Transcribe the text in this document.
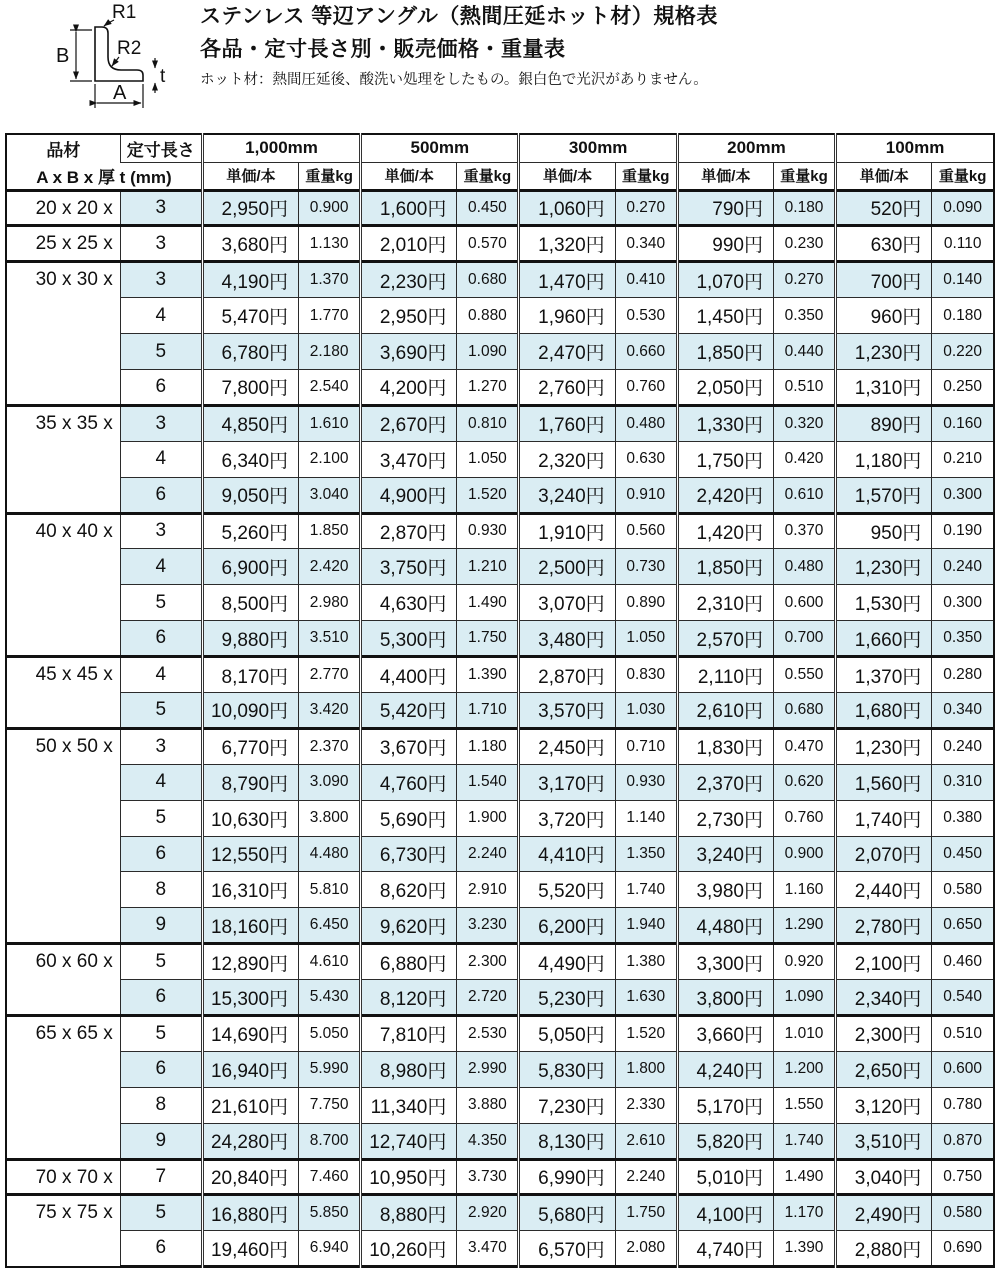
B
A
t
R1
R2
ステンレス 等辺アングル（熱間圧延ホット材）規格表
各品・定寸長さ別・販売価格・重量表
ホット材：熱間圧延後、酸洗い処理をしたもの。銀白色で光沢がありません。
品材	定寸長さ	1,000mm		500mm		300mm		200mm		100mm	
A x B x 厚 t (mm)		単価/本	重量kg	単価/本	重量kg	単価/本	重量kg	単価/本	重量kg	単価/本	重量kg
20 x 20 x	3	2,950円	0.900	1,600円	0.450	1,060円	0.270	790円	0.180	520円	0.090
25 x 25 x	3	3,680円	1.130	2,010円	0.570	1,320円	0.340	990円	0.230	630円	0.110
30 x 30 x	3	4,190円	1.370	2,230円	0.680	1,470円	0.410	1,070円	0.270	700円	0.140
	4	5,470円	1.770	2,950円	0.880	1,960円	0.530	1,450円	0.350	960円	0.180
	5	6,780円	2.180	3,690円	1.090	2,470円	0.660	1,850円	0.440	1,230円	0.220
	6	7,800円	2.540	4,200円	1.270	2,760円	0.760	2,050円	0.510	1,310円	0.250
35 x 35 x	3	4,850円	1.610	2,670円	0.810	1,760円	0.480	1,330円	0.320	890円	0.160
	4	6,340円	2.100	3,470円	1.050	2,320円	0.630	1,750円	0.420	1,180円	0.210
	6	9,050円	3.040	4,900円	1.520	3,240円	0.910	2,420円	0.610	1,570円	0.300
40 x 40 x	3	5,260円	1.850	2,870円	0.930	1,910円	0.560	1,420円	0.370	950円	0.190
	4	6,900円	2.420	3,750円	1.210	2,500円	0.730	1,850円	0.480	1,230円	0.240
	5	8,500円	2.980	4,630円	1.490	3,070円	0.890	2,310円	0.600	1,530円	0.300
	6	9,880円	3.510	5,300円	1.750	3,480円	1.050	2,570円	0.700	1,660円	0.350
45 x 45 x	4	8,170円	2.770	4,400円	1.390	2,870円	0.830	2,110円	0.550	1,370円	0.280
	5	10,090円	3.420	5,420円	1.710	3,570円	1.030	2,610円	0.680	1,680円	0.340
50 x 50 x	3	6,770円	2.370	3,670円	1.180	2,450円	0.710	1,830円	0.470	1,230円	0.240
	4	8,790円	3.090	4,760円	1.540	3,170円	0.930	2,370円	0.620	1,560円	0.310
	5	10,630円	3.800	5,690円	1.900	3,720円	1.140	2,730円	0.760	1,740円	0.380
	6	12,550円	4.480	6,730円	2.240	4,410円	1.350	3,240円	0.900	2,070円	0.450
	8	16,310円	5.810	8,620円	2.910	5,520円	1.740	3,980円	1.160	2,440円	0.580
	9	18,160円	6.450	9,620円	3.230	6,200円	1.940	4,480円	1.290	2,780円	0.650
60 x 60 x	5	12,890円	4.610	6,880円	2.300	4,490円	1.380	3,300円	0.920	2,100円	0.460
	6	15,300円	5.430	8,120円	2.720	5,230円	1.630	3,800円	1.090	2,340円	0.540
65 x 65 x	5	14,690円	5.050	7,810円	2.530	5,050円	1.520	3,660円	1.010	2,300円	0.510
	6	16,940円	5.990	8,980円	2.990	5,830円	1.800	4,240円	1.200	2,650円	0.600
	8	21,610円	7.750	11,340円	3.880	7,230円	2.330	5,170円	1.550	3,120円	0.780
	9	24,280円	8.700	12,740円	4.350	8,130円	2.610	5,820円	1.740	3,510円	0.870
70 x 70 x	7	20,840円	7.460	10,950円	3.730	6,990円	2.240	5,010円	1.490	3,040円	0.750
75 x 75 x	5	16,880円	5.850	8,880円	2.920	5,680円	1.750	4,100円	1.170	2,490円	0.580
	6	19,460円	6.940	10,260円	3.470	6,570円	2.080	4,740円	1.390	2,880円	0.690
